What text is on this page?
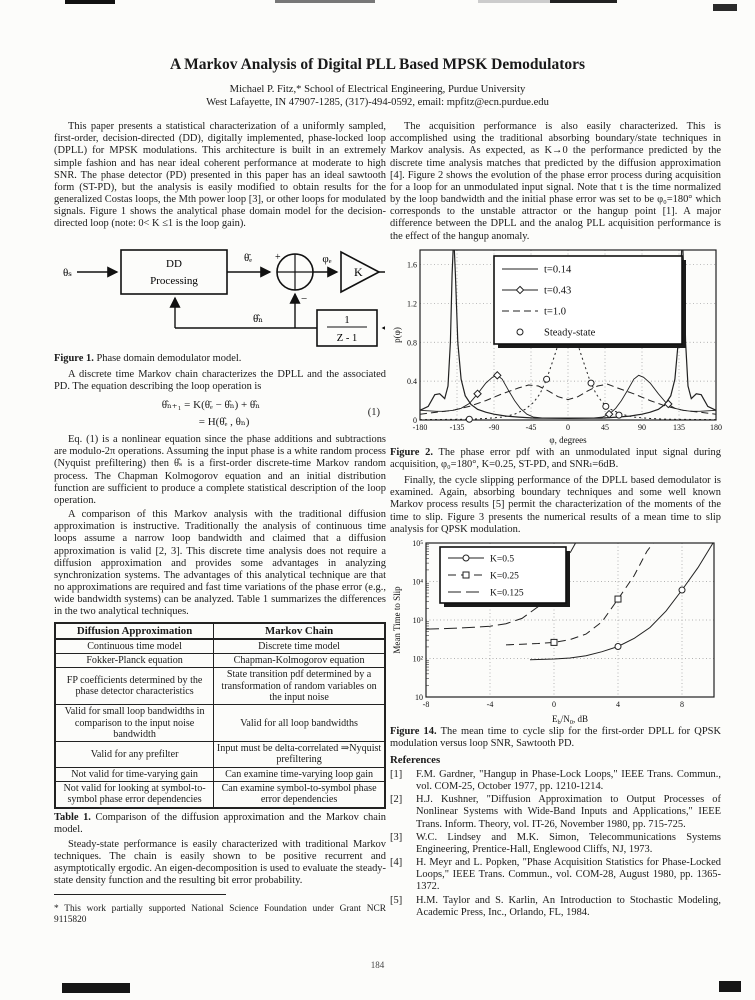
A Markov Analysis of Digital PLL Based MPSK Demodulators
Michael P. Fitz,* School of Electrical Engineering, Purdue University
West Lafayette, IN 47907-1285, (317)-494-0592, email: mpfitz@ecn.purdue.edu

This paper presents a statistical characterization of a uniformly sampled, first-order, decision-directed (DD), digitally implemented, phase-locked loop (DPLL) for MPSK modulations. This architecture is built in an extremely simple fashion and has near ideal coherent performance at moderate to high SNR. The phase detector (PD) presented in this paper has an ideal sawtooth form (ST-PD), but the analysis is easily modified to obtain results for the generalized Costas loops, the Mth power loop [3], or other loops for modulated signals. Figure 1 shows the analytical phase domain model for the decision-directed loop (note: 0< K ≤1 is the loop gain).

θₛ
DD
Processing
θ̄ₑ +	φₑ
K
1
Z - 1
−
θ̂ₙ
Figure 1. Phase domain demodulator model.

A discrete time Markov chain characterizes the DPLL and the associated PD. The equation describing the loop operation is

θ̂ₙ₊₁ = K(θ̄ₑ − θ̂ₙ) + θ̂ₙ
= H(θ̂ₑ , θₙ)
(1)

Eq. (1) is a nonlinear equation since the phase additions and subtractions are modulo-2π operations. Assuming the input phase is a white random process (Nyquist prefiltering) then θ̂ₛ is a first-order discrete-time Markov random process. The Chapman Kolmogorov equation and an initial distribution function are sufficient to produce a complete statistical description of the loop operation.

A comparison of this Markov analysis with the traditional diffusion approximation is instructive. Traditionally the analysis of continuous time loops assume a narrow loop bandwidth and claimed that a diffusion approximation is valid [2, 3]. This discrete time analysis does not require a diffusion approximation and provides some advantages in analyzing synchronization systems. The advantages of this analytical technique are that no approximations are required and fast time variations of the phase error (e.g., wide bandwidth systems) can be analyzed. Table 1 summarizes the differences in the two analytical techniques.

Diffusion Approximation	Markov Chain
Continuous time model	Discrete time model
Fokker-Planck equation	Chapman-Kolmogorov equation
FP coefficients determined by the phase detector characteristics	State transition pdf determined by a transformation of random variables on the input noise
Valid for small loop bandwidths in comparison to the input noise bandwidth	Valid for all loop bandwidths
Valid for any prefilter	Input must be delta-correlated ⇒Nyquist prefiltering
Not valid for time-varying gain	Can examine time-varying loop gain
Not valid for looking at symbol-to-symbol phase error dependencies	Can examine symbol-to-symbol phase error dependencies

Table 1. Comparison of the diffusion approximation and the Markov chain model.

Steady-state performance is easily characterized with traditional Markov techniques. The chain is easily shown to be positive recurrent and asymptotically ergodic. An eigen-decomposition is used to evaluate the steady-state density function and the resulting bit error probability.

* This work partially supported National Science Foundation under Grant NCR 9115820

The acquisition performance is also easily characterized. This is accomplished using the traditional absorbing boundary/state techniques in Markov analysis. As expected, as K→0 the performance predicted by the discrete time analysis matches that predicted by the diffusion approximation [4]. Figure 2 shows the evolution of the phase error process during acquisition for a loop for an unmodulated input signal. Note that t is the time normalized by the loop bandwidth and the initial phase error was set to be φ₀=180° which corresponds to the unstable attractor or the hangup point [1]. A major difference between the DPLL and the analog PLL acquisition performance is the effect of the hangup anomaly.

-180	-135	-90	-45	0	45	90	135	180
0
0.4
0.8
1.2
1.6
φ, degrees
p(φ)
t=0.14
t=0.43
t=1.0
Steady-state
Figure 2. The phase error pdf with an unmodulated input signal during acquisition, φ₀=180°, K=0.25, ST-PD, and SNRₗ=6dB.

Finally, the cycle slipping performance of the DPLL based demodulator is examined. Again, absorbing boundary techniques and some well known Markov process results [5] permit the characterization of the moments of the time to slip. Figure 3 presents the numerical results of a mean time to slip analysis for QPSK modulation.

-8	-4	0	4	8
10
10²
10³
10⁴
10⁵
$E_b/N_0$, dB
Mean Time to Slip
K=0.5
K=0.25
K=0.125
Figure 14. The mean time to cycle slip for the first-order DPLL for QPSK modulation versus loop SNR, Sawtooth PD.
References
[1]	F.M. Gardner, "Hangup in Phase-Lock Loops," IEEE Trans. Commun., vol. COM-25, October 1977, pp. 1210-1214.
[2]	H.J. Kushner, "Diffusion Approximation to Output Processes of Nonlinear Systems with Wide-Band Inputs and Applications," IEEE Trans. Inform. Theory, vol. IT-26, November 1980, pp. 715-725.
[3]	W.C. Lindsey and M.K. Simon, Telecommunications Systems Engineering, Prentice-Hall, Englewood Cliffs, NJ, 1973.
[4]	H. Meyr and L. Popken, "Phase Acquisition Statistics for Phase-Locked Loops," IEEE Trans. Commun., vol. COM-28, August 1980, pp. 1365-1372.
[5]	H.M. Taylor and S. Karlin, An Introduction to Stochastic Modeling, Academic Press, Inc., Orlando, FL, 1984.
184
